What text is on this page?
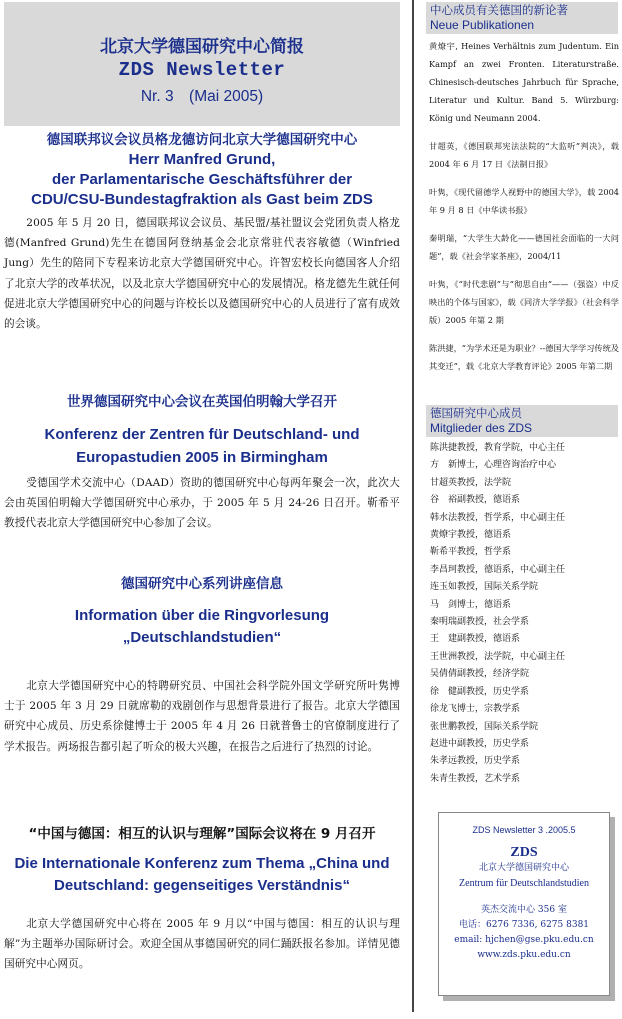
北京大学德国研究中心简报
ZDS Newsletter
Nr. 3　(Mai 2005)
德国联邦议会议员格龙德访问北京大学德国研究中心
Herr Manfred Grund,
der Parlamentarische Geschäftsführer der
CDU/CSU-Bundestagfraktion als Gast beim ZDS
2005 年 5 月 20 日，德国联邦议会议员、基民盟/基社盟议会党团负责人格龙德(Manfred Grund)先生在德国阿登纳基金会北京常驻代表容敏德（Winfried Jung）先生的陪同下专程来访北京大学德国研究中心。许智宏校长向德国客人介绍了北京大学的改革状况，以及北京大学德国研究中心的发展情况。格龙德先生就任何促进北京大学德国研究中心的问题与许校长以及德国研究中心的人员进行了富有成效的会谈。
世界德国研究中心会议在英国伯明翰大学召开
Konferenz der Zentren für Deutschland- und
Europastudien 2005 in Birmingham
受德国学术交流中心（DAAD）资助的德国研究中心每两年聚会一次，此次大会由英国伯明翰大学德国研究中心承办，于 2005 年 5 月 24-26 日召开。靳希平教授代表北京大学德国研究中心参加了会议。
德国研究中心系列讲座信息
Information über die Ringvorlesung
„Deutschlandstudien“
北京大学德国研究中心的特聘研究员、中国社会科学院外国文学研究所叶隽博士于 2005 年 3 月 29 日就席勒的戏剧创作与思想背景进行了报告。北京大学德国研究中心成员、历史系徐健博士于 2005 年 4 月 26 日就普鲁士的官僚制度进行了学术报告。两场报告都引起了听众的极大兴趣，在报告之后进行了热烈的讨论。
“中国与德国：相互的认识与理解”国际会议将在 9 月召开
Die Internationale Konferenz zum Thema „China und
Deutschland: gegenseitiges Verständnis“
北京大学德国研究中心将在 2005 年 9 月以“中国与德国：相互的认识与理解”为主题举办国际研讨会。欢迎全国从事德国研究的同仁踊跃报名参加。详情见德国研究中心网页。
中心成员有关德国的新论著
Neue Publikationen
黄燎宇, Heines Verhältnis zum Judentum. Ein Kampf an zwei Fronten. Literaturstraße. Chinesisch-deutsches Jahrbuch für Sprache, Literatur und Kultur. Band 5. Würzburg: König und Neumann 2004.
甘超英，《德国联邦宪法法院的“大监听”判决》，载 2004 年 6 月 17 日《法制日报》
叶隽，《现代留德学人视野中的德国大学》，载 2004 年 9 月 8 日《中华读书报》
秦明瑞，“大学生大龄化——德国社会面临的一大问题”，载《社会学家茶座》，2004/11
叶隽，《“时代悲剧”与“彻思自由”——（强盗）中反映出的个体与国家》，载《同济大学学报》（社会科学版）2005 年第 2 期
陈洪捷，“为学术还是为职业？--德国大学学习传统及其变迁”，载《北京大学教育评论》2005 年第二期
德国研究中心成员
Mitglieder des ZDS
陈洪捷教授，教育学院，中心主任
方　新博士，心理咨询治疗中心
甘超英教授，法学院
谷　裕副教授，德语系
韩水法教授，哲学系，中心副主任
黄燎宇教授，德语系
靳希平教授，哲学系
李昌珂教授，德语系，中心副主任
连玉如教授，国际关系学院
马　剑博士，德语系
秦明瑞副教授，社会学系
王　建副教授，德语系
王世洲教授，法学院，中心副主任
吴倩倩副教授，经济学院
徐　健副教授，历史学系
徐龙飞博士，宗教学系
张世鹏教授，国际关系学院
赵进中副教授，历史学系
朱孝远教授，历史学系
朱青生教授，艺术学系
ZDS Newsletter 3 .2005.5
ZDS
北京大学德国研究中心
Zentrum für Deutschlandstudien
英杰交流中心 356 室
电话：6276 7336, 6275 8381
email: hjchen@gse.pku.edu.cn
www.zds.pku.edu.cn
